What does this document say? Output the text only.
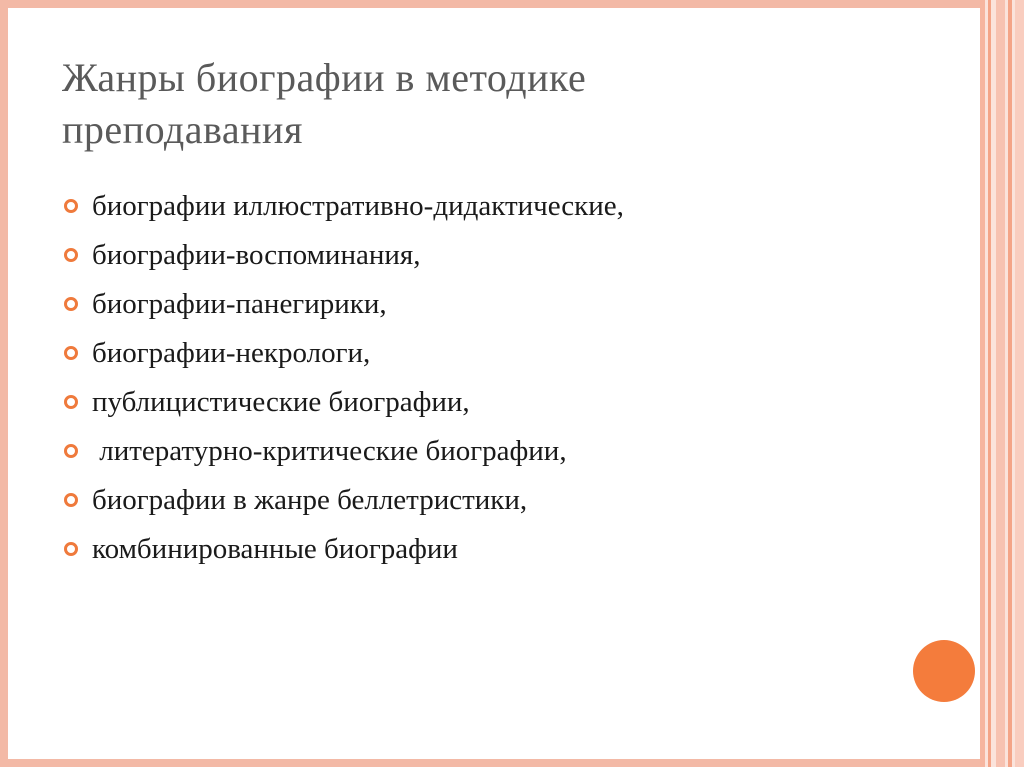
Жанры биографии в методике
преподавания
биографии иллюстративно-дидактические,
биографии-воспоминания,
биографии-панегирики,
биографии-некрологи,
публицистические биографии,
литературно-критические биографии,
биографии в жанре беллетристики,
комбинированные биографии
